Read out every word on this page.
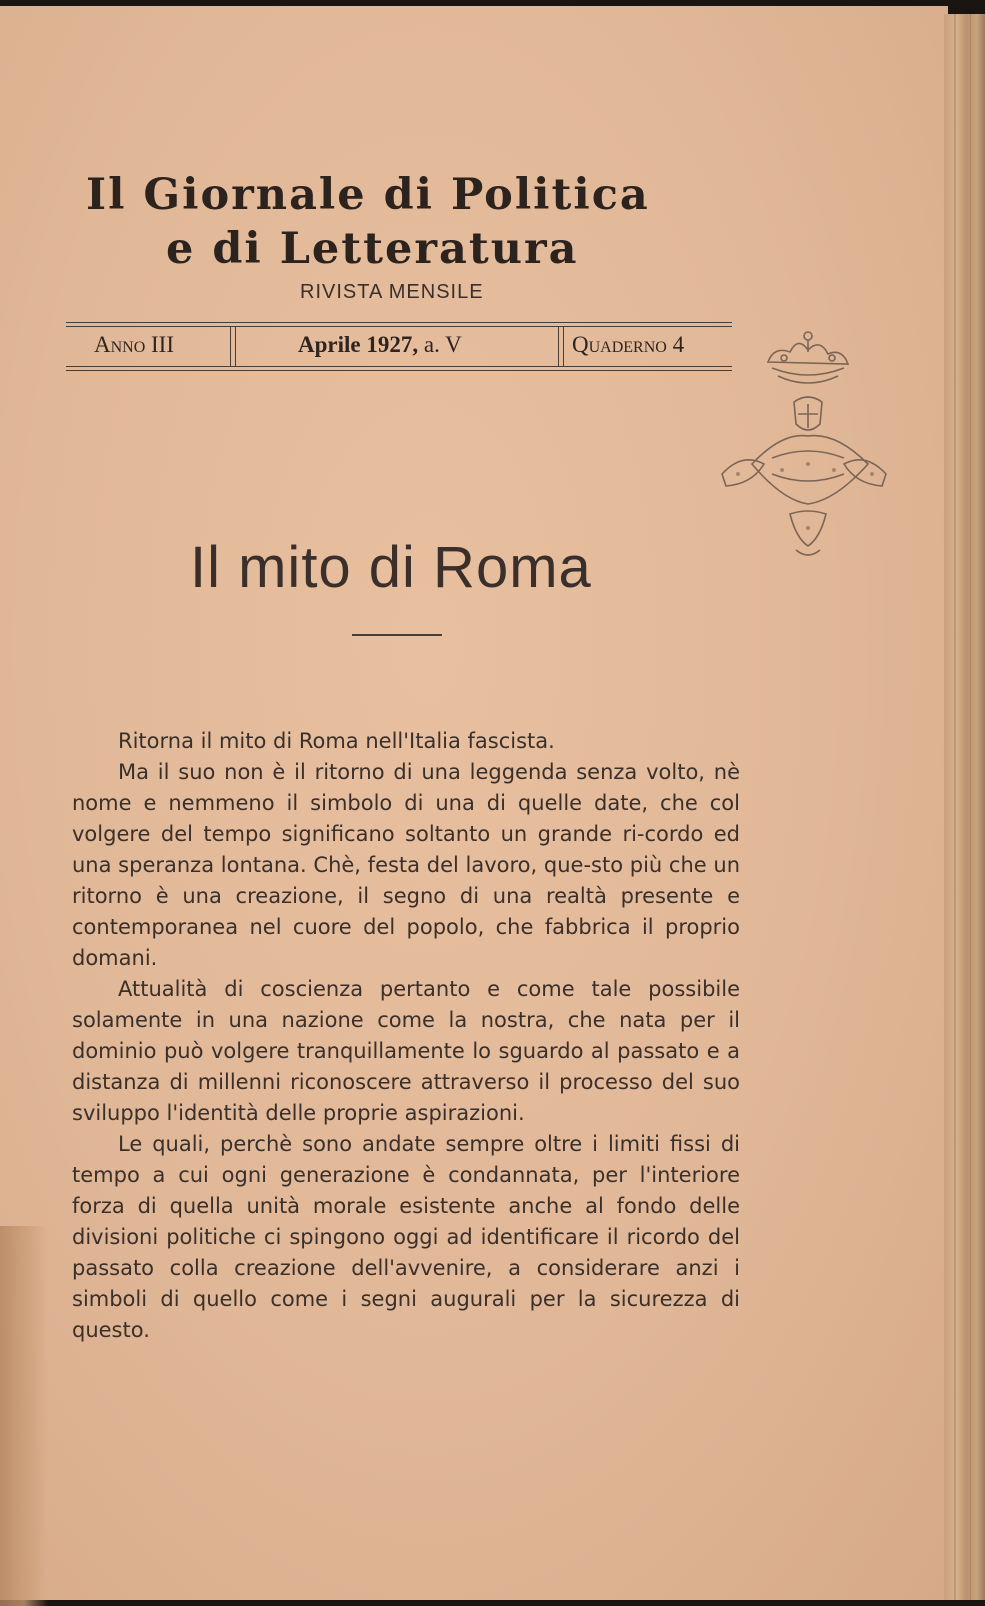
Il Giornale di Politica
e di Letteratura
RIVISTA MENSILE
Anno III	Aprile 1927, a. V	Quaderno 4
Il mito di Roma

Ritorna il mito di Roma nell'Italia fascista.

Ma il suo non è il ritorno di una leggenda senza volto, nè nome e nemmeno il simbolo di una di quelle date, che col volgere del tempo significano soltanto un grande ri-cordo ed una speranza lontana. Chè, festa del lavoro, que-sto più che un ritorno è una creazione, il segno di una realtà presente e contemporanea nel cuore del popolo, che fabbrica il proprio domani.

Attualità di coscienza pertanto e come tale possibile solamente in una nazione come la nostra, che nata per il dominio può volgere tranquillamente lo sguardo al passato e a distanza di millenni riconoscere attraverso il processo del suo sviluppo l'identità delle proprie aspirazioni.

Le quali, perchè sono andate sempre oltre i limiti fissi di tempo a cui ogni generazione è condannata, per l'interiore forza di quella unità morale esistente anche al fondo delle divisioni politiche ci spingono oggi ad identificare il ricordo del passato colla creazione dell'avvenire, a considerare anzi i simboli di quello come i segni augurali per la sicurezza di questo.
